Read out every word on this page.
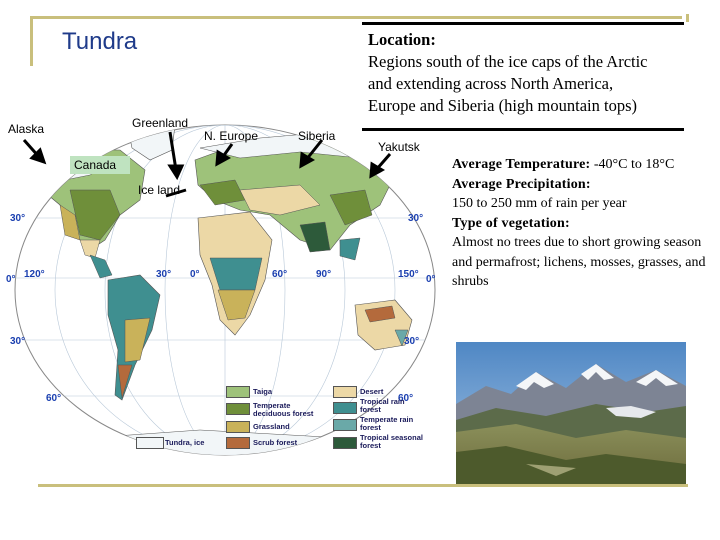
Tundra	Location:
Regions south of the ice caps of the Arctic
and extending across North America,
Europe and Siberia (high mountain tops)
Average Temperature: -40°C to 18°C
Average Precipitation:
150 to 250 mm of rain per year
Type of vegetation:
Almost no trees due to short growing season and permafrost; lichens, mosses, grasses, and shrubs
Alaska	Greenland
N. Europe	Siberia
Yakutsk
Canada
Ice land
30°	30°
0° 120°	30° 0°	60°	90°	150° 0°
30°	30°
60°	60°
Taiga
Temperate deciduous forest
Grassland
Scrub forest
Tundra, ice
Desert
Tropical rain forest
Temperate rain forest
Tropical seasonal forest
